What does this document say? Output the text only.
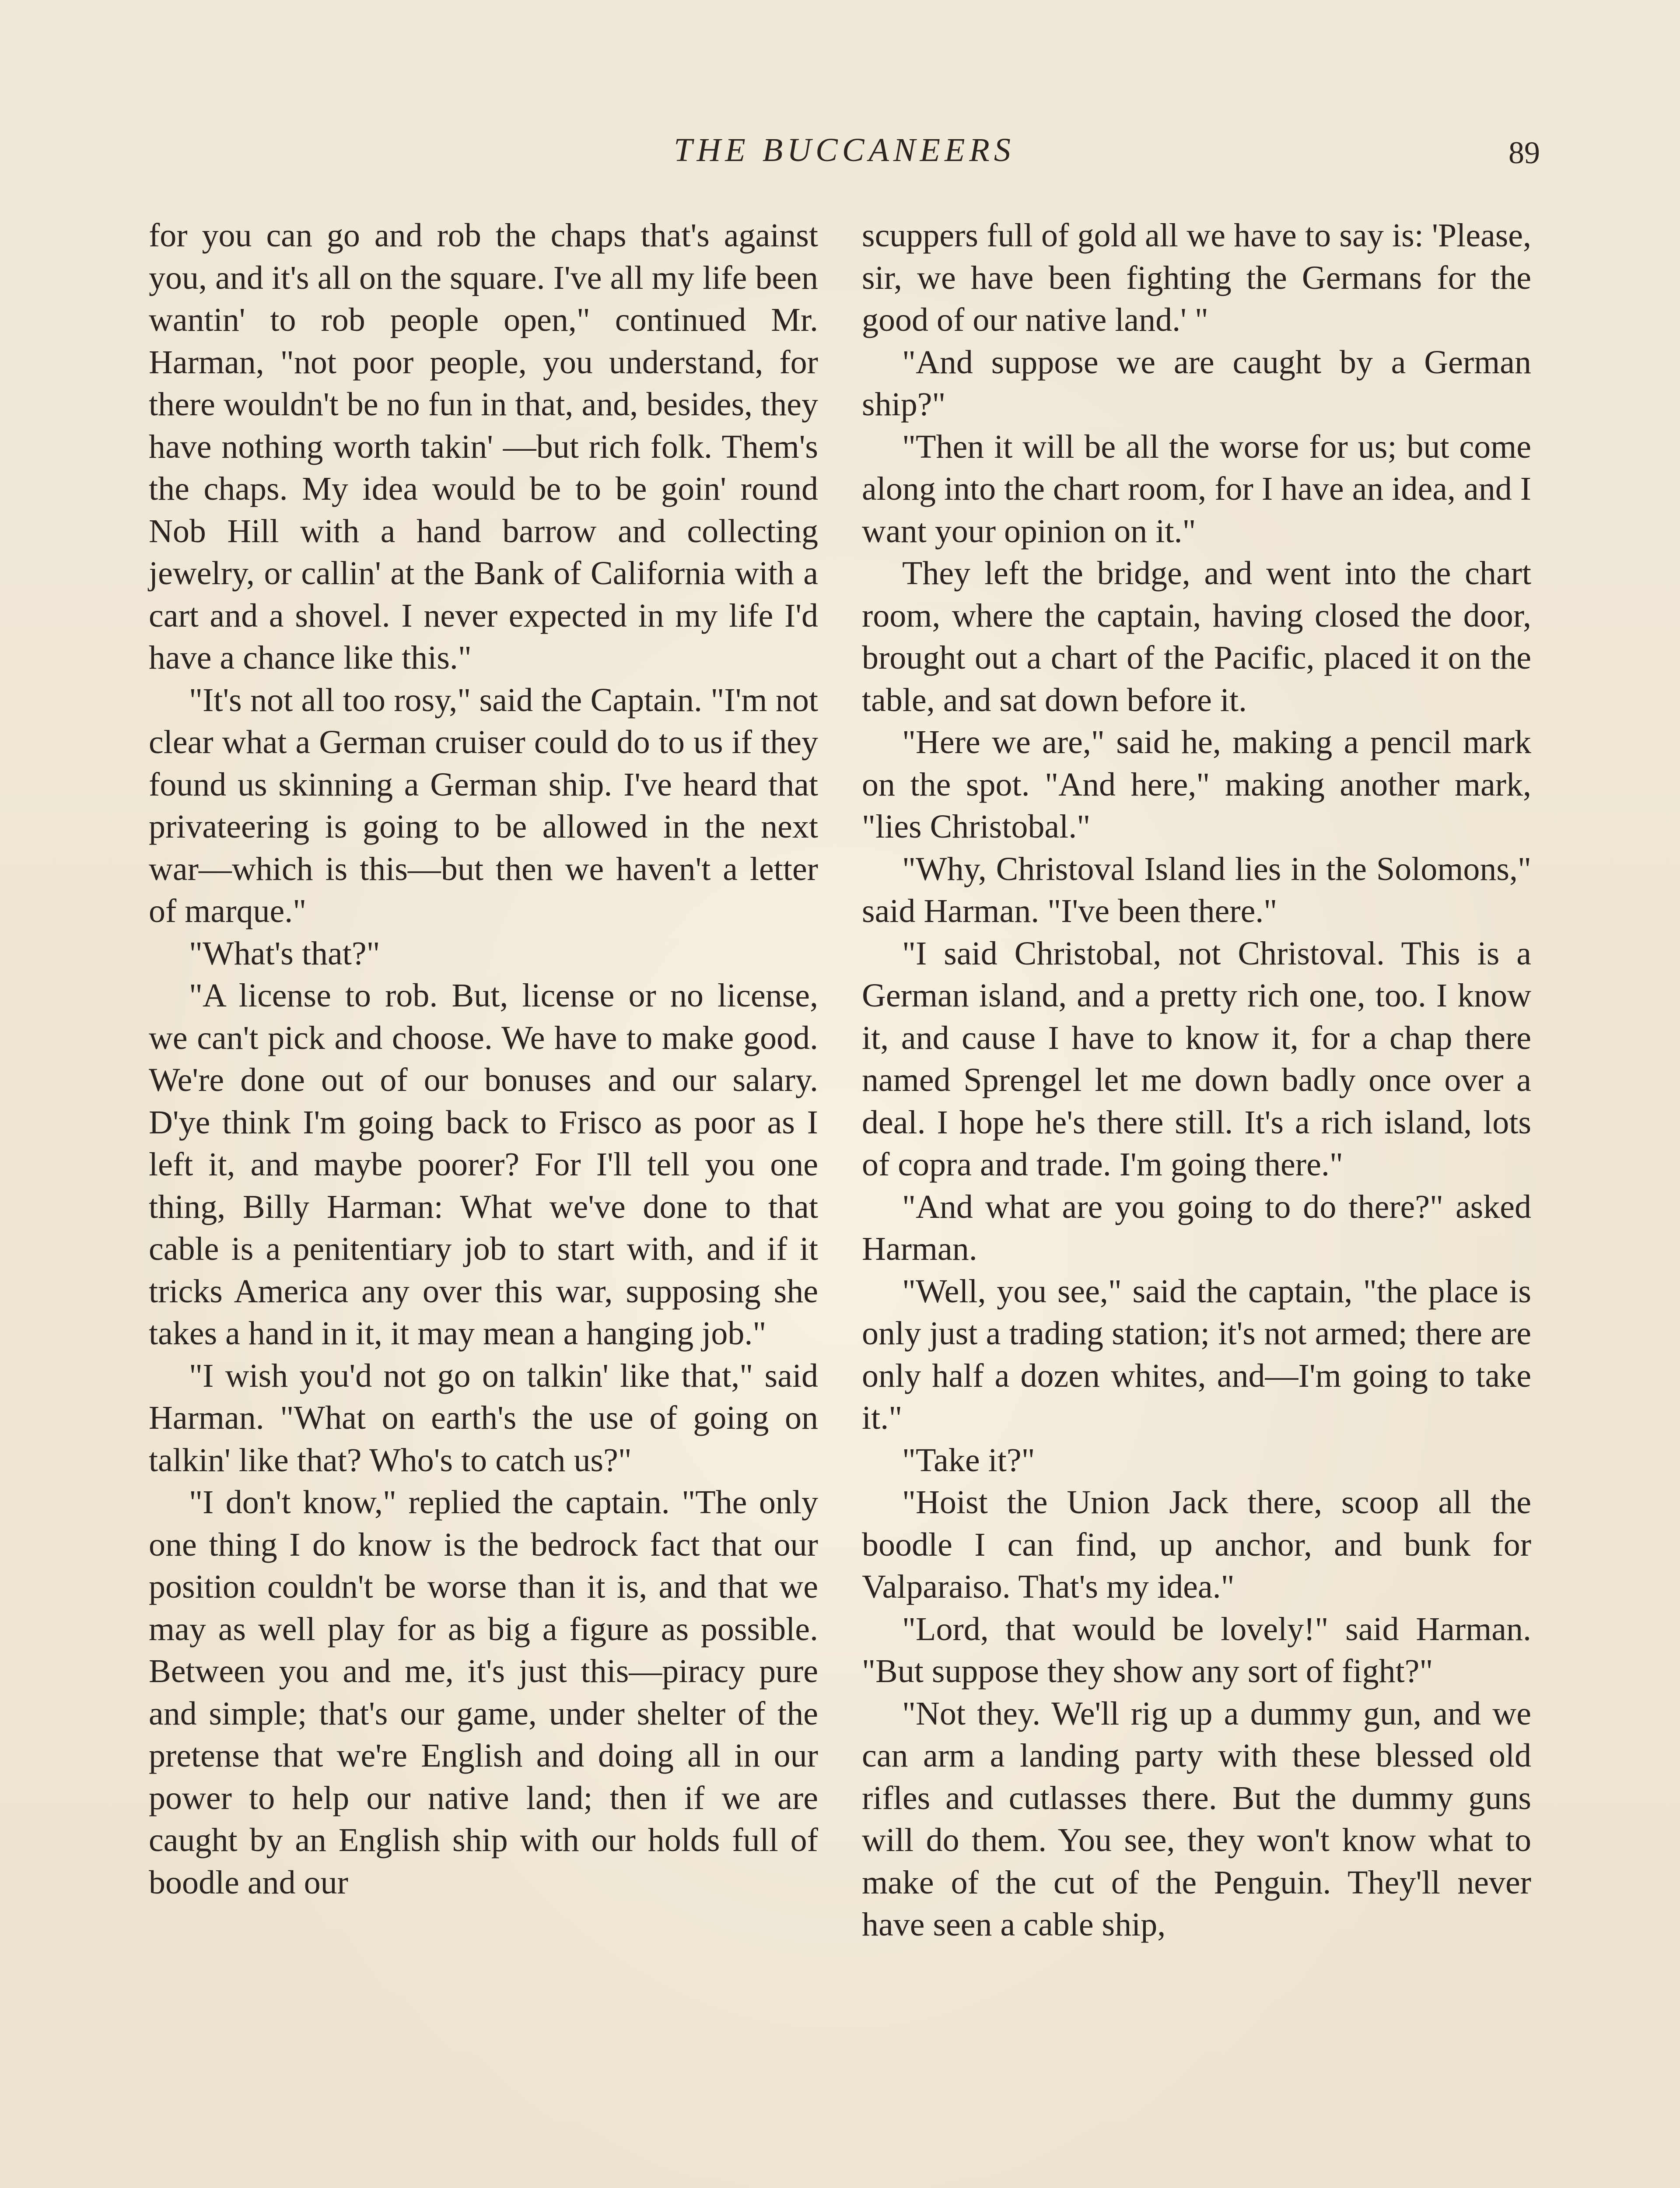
THE BUCCANEERS	89

for you can go and rob the chaps that's against you, and it's all on the square. I've all my life been wantin' to rob people open," continued Mr. Harman, "not poor people, you understand, for there wouldn't be no fun in that, and, besides, they have nothing worth takin' —but rich folk. Them's the chaps. My idea would be to be goin' round Nob Hill with a hand barrow and collecting jewelry, or callin' at the Bank of California with a cart and a shovel. I never expected in my life I'd have a chance like this."

"It's not all too rosy," said the Captain. "I'm not clear what a German cruiser could do to us if they found us skinning a German ship. I've heard that privateering is going to be allowed in the next war—which is this—but then we haven't a letter of marque."

"What's that?"

"A license to rob. But, license or no license, we can't pick and choose. We have to make good. We're done out of our bonuses and our salary. D'ye think I'm going back to Frisco as poor as I left it, and maybe poorer? For I'll tell you one thing, Billy Harman: What we've done to that cable is a penitentiary job to start with, and if it tricks America any over this war, supposing she takes a hand in it, it may mean a hanging job."

"I wish you'd not go on talkin' like that," said Harman. "What on earth's the use of going on talkin' like that? Who's to catch us?"

"I don't know," replied the captain. "The only one thing I do know is the bedrock fact that our position couldn't be worse than it is, and that we may as well play for as big a figure as possible. Between you and me, it's just this—piracy pure and simple; that's our game, under shelter of the pretense that we're English and doing all in our power to help our native land; then if we are caught by an English ship with our holds full of boodle and our

scuppers full of gold all we have to say is: 'Please, sir, we have been fighting the Germans for the good of our native land.' "

"And suppose we are caught by a German ship?"

"Then it will be all the worse for us; but come along into the chart room, for I have an idea, and I want your opinion on it."

They left the bridge, and went into the chart room, where the captain, having closed the door, brought out a chart of the Pacific, placed it on the table, and sat down before it.

"Here we are," said he, making a pencil mark on the spot. "And here," making another mark, "lies Christobal."

"Why, Christoval Island lies in the Solomons," said Harman. "I've been there."

"I said Christobal, not Christoval. This is a German island, and a pretty rich one, too. I know it, and cause I have to know it, for a chap there named Sprengel let me down badly once over a deal. I hope he's there still. It's a rich island, lots of copra and trade. I'm going there."

"And what are you going to do there?" asked Harman.

"Well, you see," said the captain, "the place is only just a trading station; it's not armed; there are only half a dozen whites, and—I'm going to take it."

"Take it?"

"Hoist the Union Jack there, scoop all the boodle I can find, up anchor, and bunk for Valparaiso. That's my idea."

"Lord, that would be lovely!" said Harman. "But suppose they show any sort of fight?"

"Not they. We'll rig up a dummy gun, and we can arm a landing party with these blessed old rifles and cutlasses there. But the dummy guns will do them. You see, they won't know what to make of the cut of the Penguin. They'll never have seen a cable ship,
